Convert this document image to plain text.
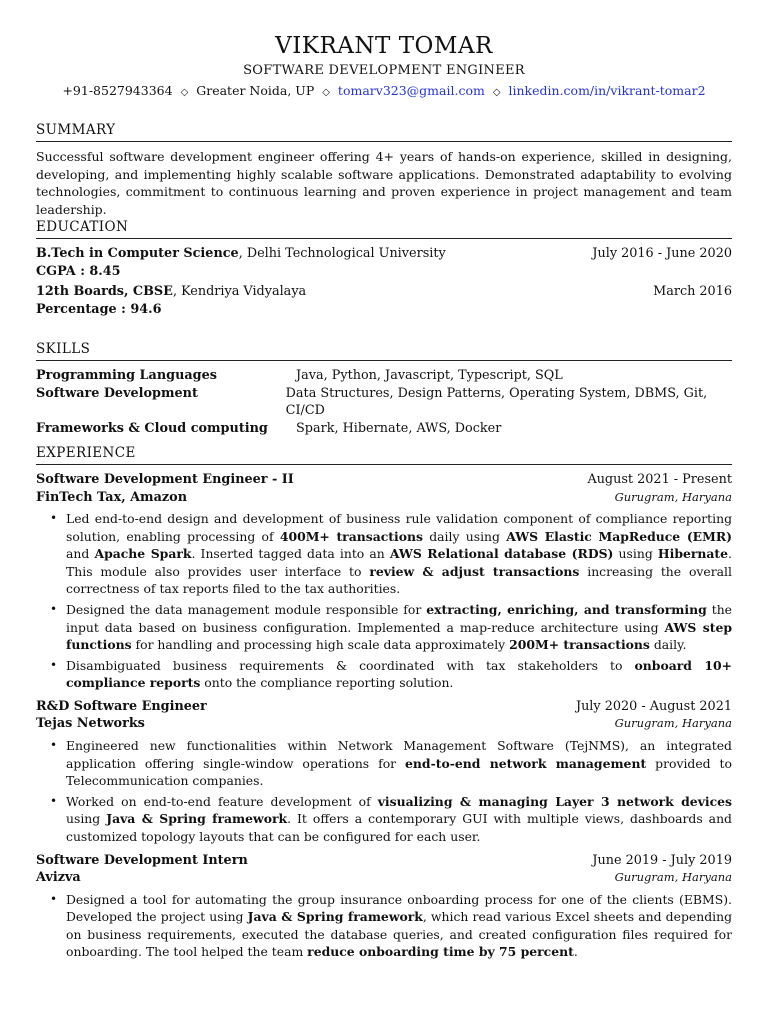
VIKRANT TOMAR
SOFTWARE DEVELOPMENT ENGINEER
+91-8527943364 ◇ Greater Noida, UP ◇ tomarv323@gmail.com ◇ linkedin.com/in/vikrant-tomar2
SUMMARY

Successful software development engineer offering 4+ years of hands-on experience, skilled in designing, developing, and implementing highly scalable software applications. Demonstrated adaptability to evolving technologies, commitment to continuous learning and proven experience in project management and team leadership.

EDUCATION
B.Tech in Computer Science, Delhi Technological University	July 2016 - June 2020
CGPA : 8.45
12th Boards, CBSE, Kendriya Vidyalaya	March 2016
Percentage : 94.6
SKILLS
Programming Languages	Java, Python, Javascript, Typescript, SQL
Software Development	Data Structures, Design Patterns, Operating System, DBMS, Git, CI/CD
Frameworks & Cloud computing	Spark, Hibernate, AWS, Docker
EXPERIENCE
Software Development Engineer - II	August 2021 - Present
FinTech Tax, Amazon	Gurugram, Haryana
• Led end-to-end design and development of business rule validation component of compliance reporting solution, enabling processing of 400M+ transactions daily using AWS Elastic MapReduce (EMR) and Apache Spark. Inserted tagged data into an AWS Relational database (RDS) using Hibernate. This module also provides user interface to review & adjust transactions increasing the overall correctness of tax reports filed to the tax authorities.
• Designed the data management module responsible for extracting, enriching, and transforming the input data based on business configuration. Implemented a map-reduce architecture using AWS step functions for handling and processing high scale data approximately 200M+ transactions daily.
• Disambiguated business requirements & coordinated with tax stakeholders to onboard 10+ compliance reports onto the compliance reporting solution.
R&D Software Engineer	July 2020 - August 2021
Tejas Networks	Gurugram, Haryana
• Engineered new functionalities within Network Management Software (TejNMS), an integrated application offering single-window operations for end-to-end network management provided to Telecommunication companies.
• Worked on end-to-end feature development of visualizing & managing Layer 3 network devices using Java & Spring framework. It offers a contemporary GUI with multiple views, dashboards and customized topology layouts that can be configured for each user.
Software Development Intern	June 2019 - July 2019
Avizva	Gurugram, Haryana
• Designed a tool for automating the group insurance onboarding process for one of the clients (EBMS). Developed the project using Java & Spring framework, which read various Excel sheets and depending on business requirements, executed the database queries, and created configuration files required for onboarding. The tool helped the team reduce onboarding time by 75 percent.
